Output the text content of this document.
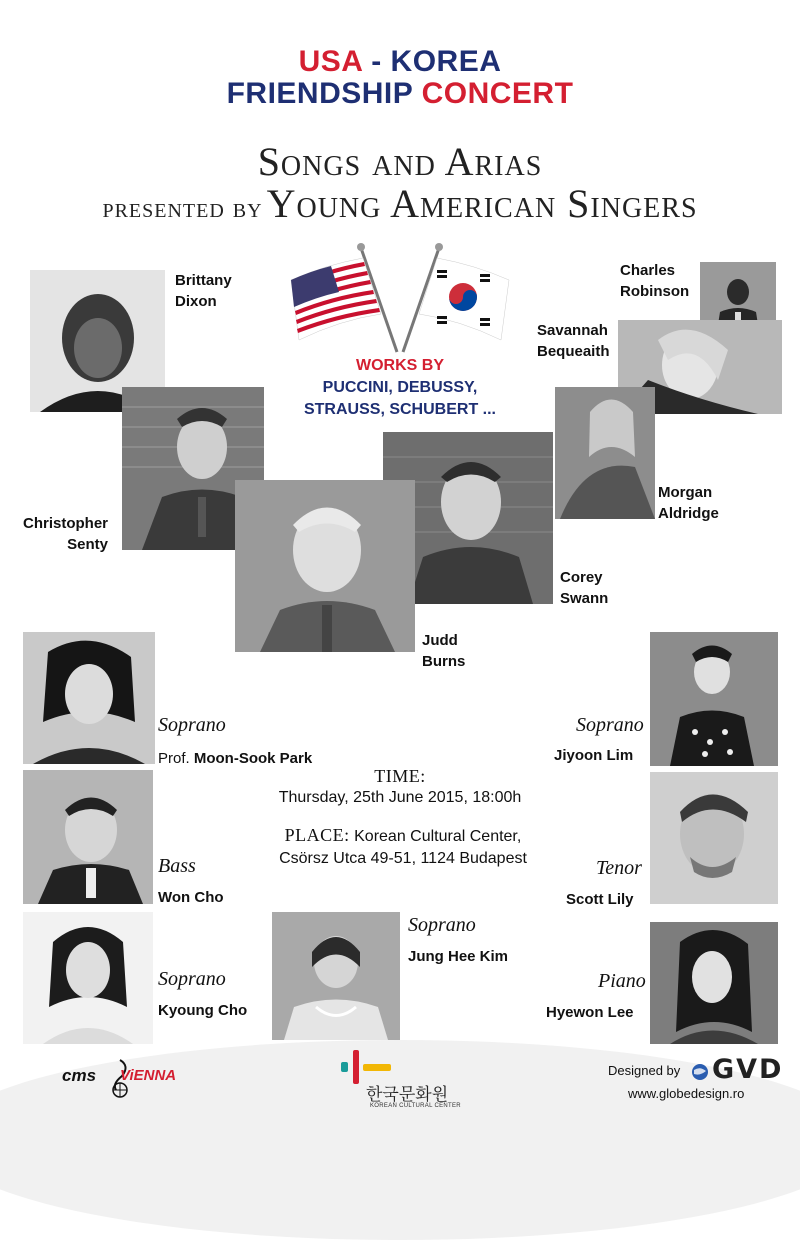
USA - KOREA
FRIENDSHIP CONCERT
Songs and Arias
presented by Young American Singers
WORKS BY
PUCCINI, DEBUSSY,
STRAUSS, SCHUBERT ...
Brittany
Dixon
Charles
Robinson
Savannah
Bequeaith
Christopher
Senty
Morgan
Aldridge
Corey
Swann
Judd
Burns
Soprano
Prof. Moon-Sook Park
Soprano
Jiyoon Lim
Bass
Won Cho
Tenor
Scott Lily
Soprano
Jung Hee Kim
Soprano
Kyoung Cho
Piano
Hyewon Lee
TIME:
Thursday, 25th June 2015, 18:00h
PLACE: Korean Cultural Center,
Csörsz Utca 49-51, 1124 Budapest
cms ViENNA
한국문화원
KOREAN CULTURAL CENTER
Designed by GVD
www.globedesign.ro
